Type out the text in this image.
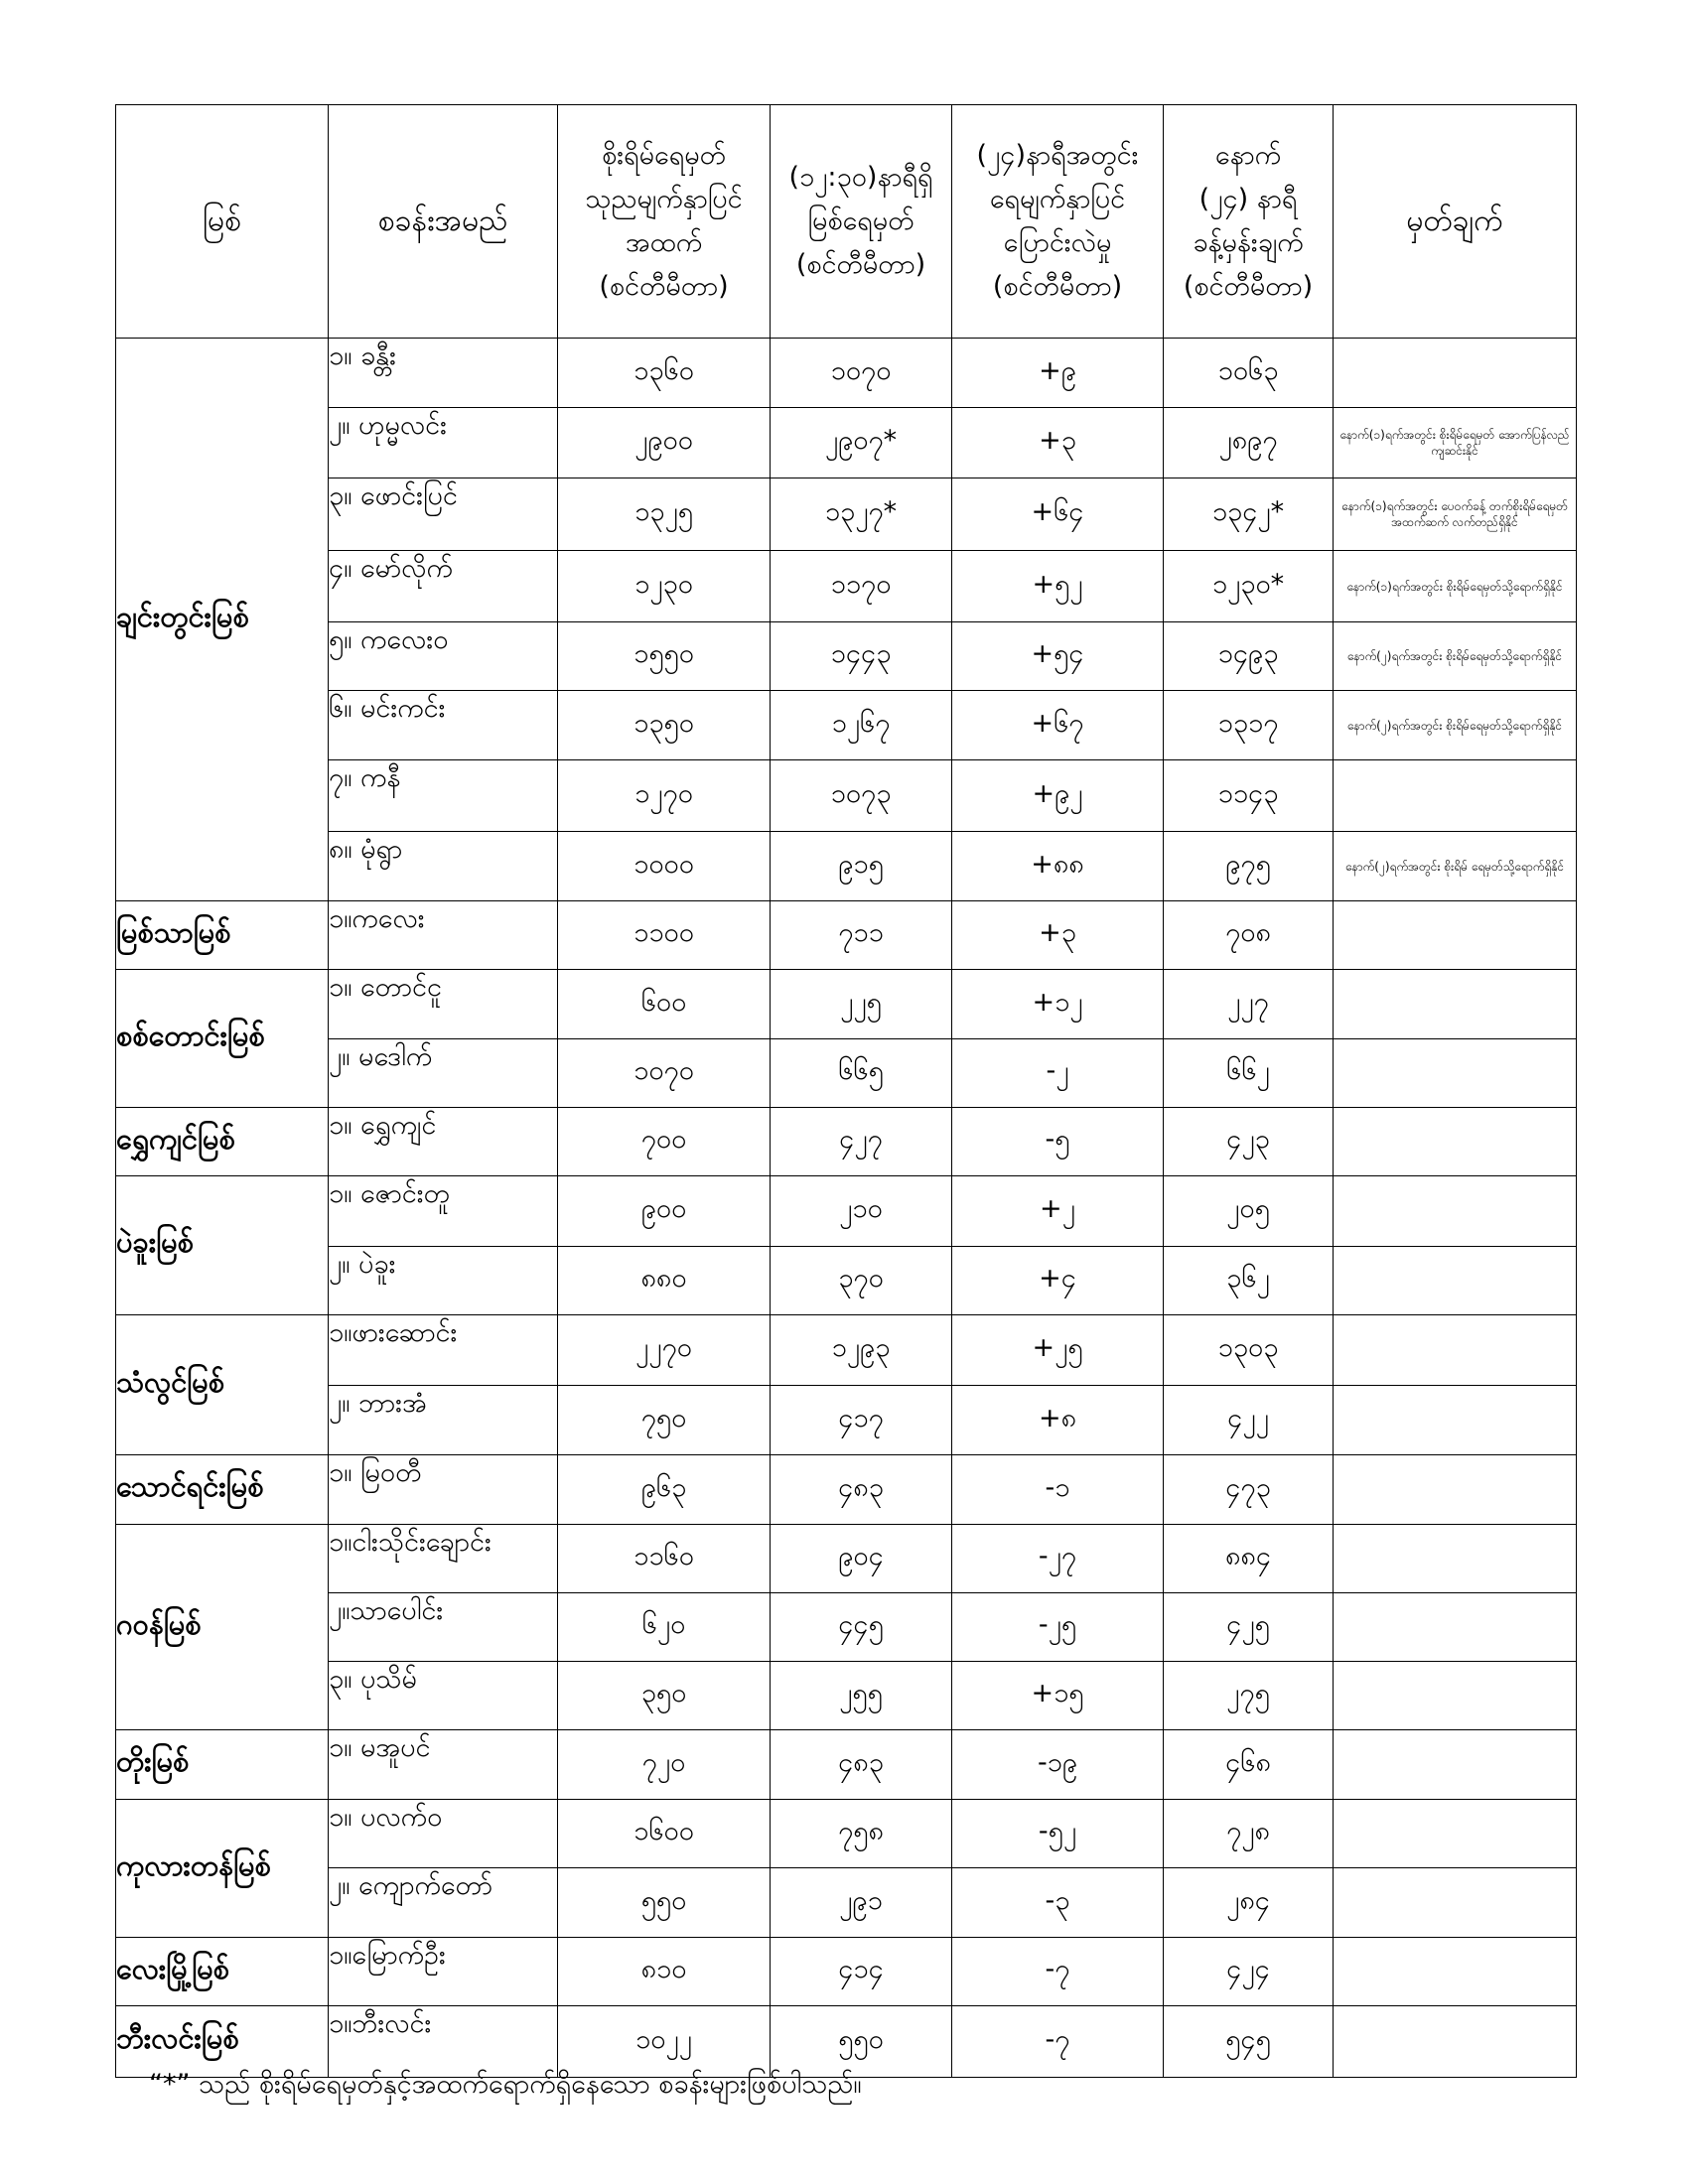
မြစ်	စခန်းအမည်	စိုးရိမ်ရေမှတ်
သုညမျက်နှာပြင်
အထက်
(စင်တီမီတာ)	(၁၂:၃၀)နာရီရှိ
မြစ်ရေမှတ်
(စင်တီမီတာ)	(၂၄)နာရီအတွင်း
ရေမျက်နှာပြင်
ပြောင်းလဲမှု
(စင်တီမီတာ)	နောက်
(၂၄) နာရီ
ခန့်မှန်းချက်
(စင်တီမီတာ)	မှတ်ချက်
ချင်းတွင်းမြစ်	၁။ ခန္တီး	၁၃၆၀	၁၀၇၀	+၉	၁၀၆၃	
	၂။ ဟုမ္မလင်း	၂၉၀၀	၂၉၀၇*	+၃	၂၈၉၇	နောက်(၁)ရက်အတွင်း စိုးရိမ်ရေမှတ် အောက်ပြန်လည်ကျဆင်းနိုင်
	၃။ ဖောင်းပြင်	၁၃၂၅	၁၃၂၇*	+၆၄	၁၃၄၂*	နောက်(၁)ရက်အတွင်း ပေ၀က်ခန့် တက်စိုးရိမ်ရေမှတ်အထက်ဆက် လက်တည်ရှိနိုင်
	၄။ မော်လိုက်	၁၂၃၀	၁၁၇၀	+၅၂	၁၂၃၀*	နောက်(၁)ရက်အတွင်း စိုးရိမ်ရေမှတ်သို့ရောက်ရှိနိုင်
	၅။ ကလေး၀	၁၅၅၀	၁၄၄၃	+၅၄	၁၄၉၃	နောက်(၂)ရက်အတွင်း စိုးရိမ်ရေမှတ်သို့ရောက်ရှိနိုင်
	၆။ မင်းကင်း	၁၃၅၀	၁၂၆၇	+၆၇	၁၃၁၇	နောက်(၂)ရက်အတွင်း စိုးရိမ်ရေမှတ်သို့ရောက်ရှိနိုင်
	၇။ ကနီ	၁၂၇၀	၁၀၇၃	+၉၂	၁၁၄၃	
	၈။ မုံရွာ	၁၀၀၀	၉၁၅	+၈၈	၉၇၅	နောက်(၂)ရက်အတွင်း စိုးရိမ် ရေမှတ်သို့ရောက်ရှိနိုင်
မြစ်သာမြစ်	၁။ကလေး	၁၁၀၀	၇၁၁	+၃	၇၀၈	
စစ်တောင်းမြစ်	၁။ တောင်ငူ	၆၀၀	၂၂၅	+၁၂	၂၂၇	
	၂။ မဒေါက်	၁၀၇၀	၆၆၅	-၂	၆၆၂	
ရွှေကျင်မြစ်	၁။ ရွှေကျင်	၇၀၀	၄၂၇	-၅	၄၂၃	
ပဲခူးမြစ်	၁။ ဇောင်းတူ	၉၀၀	၂၁၀	+၂	၂၀၅	
	၂။ ပဲခူး	၈၈၀	၃၇၀	+၄	၃၆၂	
သံလွင်မြစ်	၁။ဖားဆောင်း	၂၂၇၀	၁၂၉၃	+၂၅	၁၃၀၃	
	၂။ ဘားအံ	၇၅၀	၄၁၇	+၈	၄၂၂	
သောင်ရင်းမြစ်	၁။ မြ၀တီ	၉၆၃	၄၈၃	-၁	၄၇၃	
ဂဝန်မြစ်	၁။ငါးသိုင်းချောင်း	၁၁၆၀	၉၀၄	-၂၇	၈၈၄	
	၂။သာပေါင်း	၆၂၀	၄၄၅	-၂၅	၄၂၅	
	၃။ ပုသိမ်	၃၅၀	၂၅၅	+၁၅	၂၇၅	
တိုးမြစ်	၁။ မအူပင်	၇၂၀	၄၈၃	-၁၉	၄၆၈	
ကုလားတန်မြစ်	၁။ ပလက်၀	၁၆၀၀	၇၅၈	-၅၂	၇၂၈	
	၂။ ကျောက်တော်	၅၅၀	၂၉၁	-၃	၂၈၄	
လေးမြို့မြစ်	၁။မြောက်ဦး	၈၁၀	၄၁၄	-၇	၄၂၄	
ဘီးလင်းမြစ်	၁။ဘီးလင်း	၁၀၂၂	၅၅၀	-၇	၅၄၅	
“*” သည် စိုးရိမ်ရေမှတ်နှင့်အထက်ရောက်ရှိနေသော စခန်းများဖြစ်ပါသည်။
